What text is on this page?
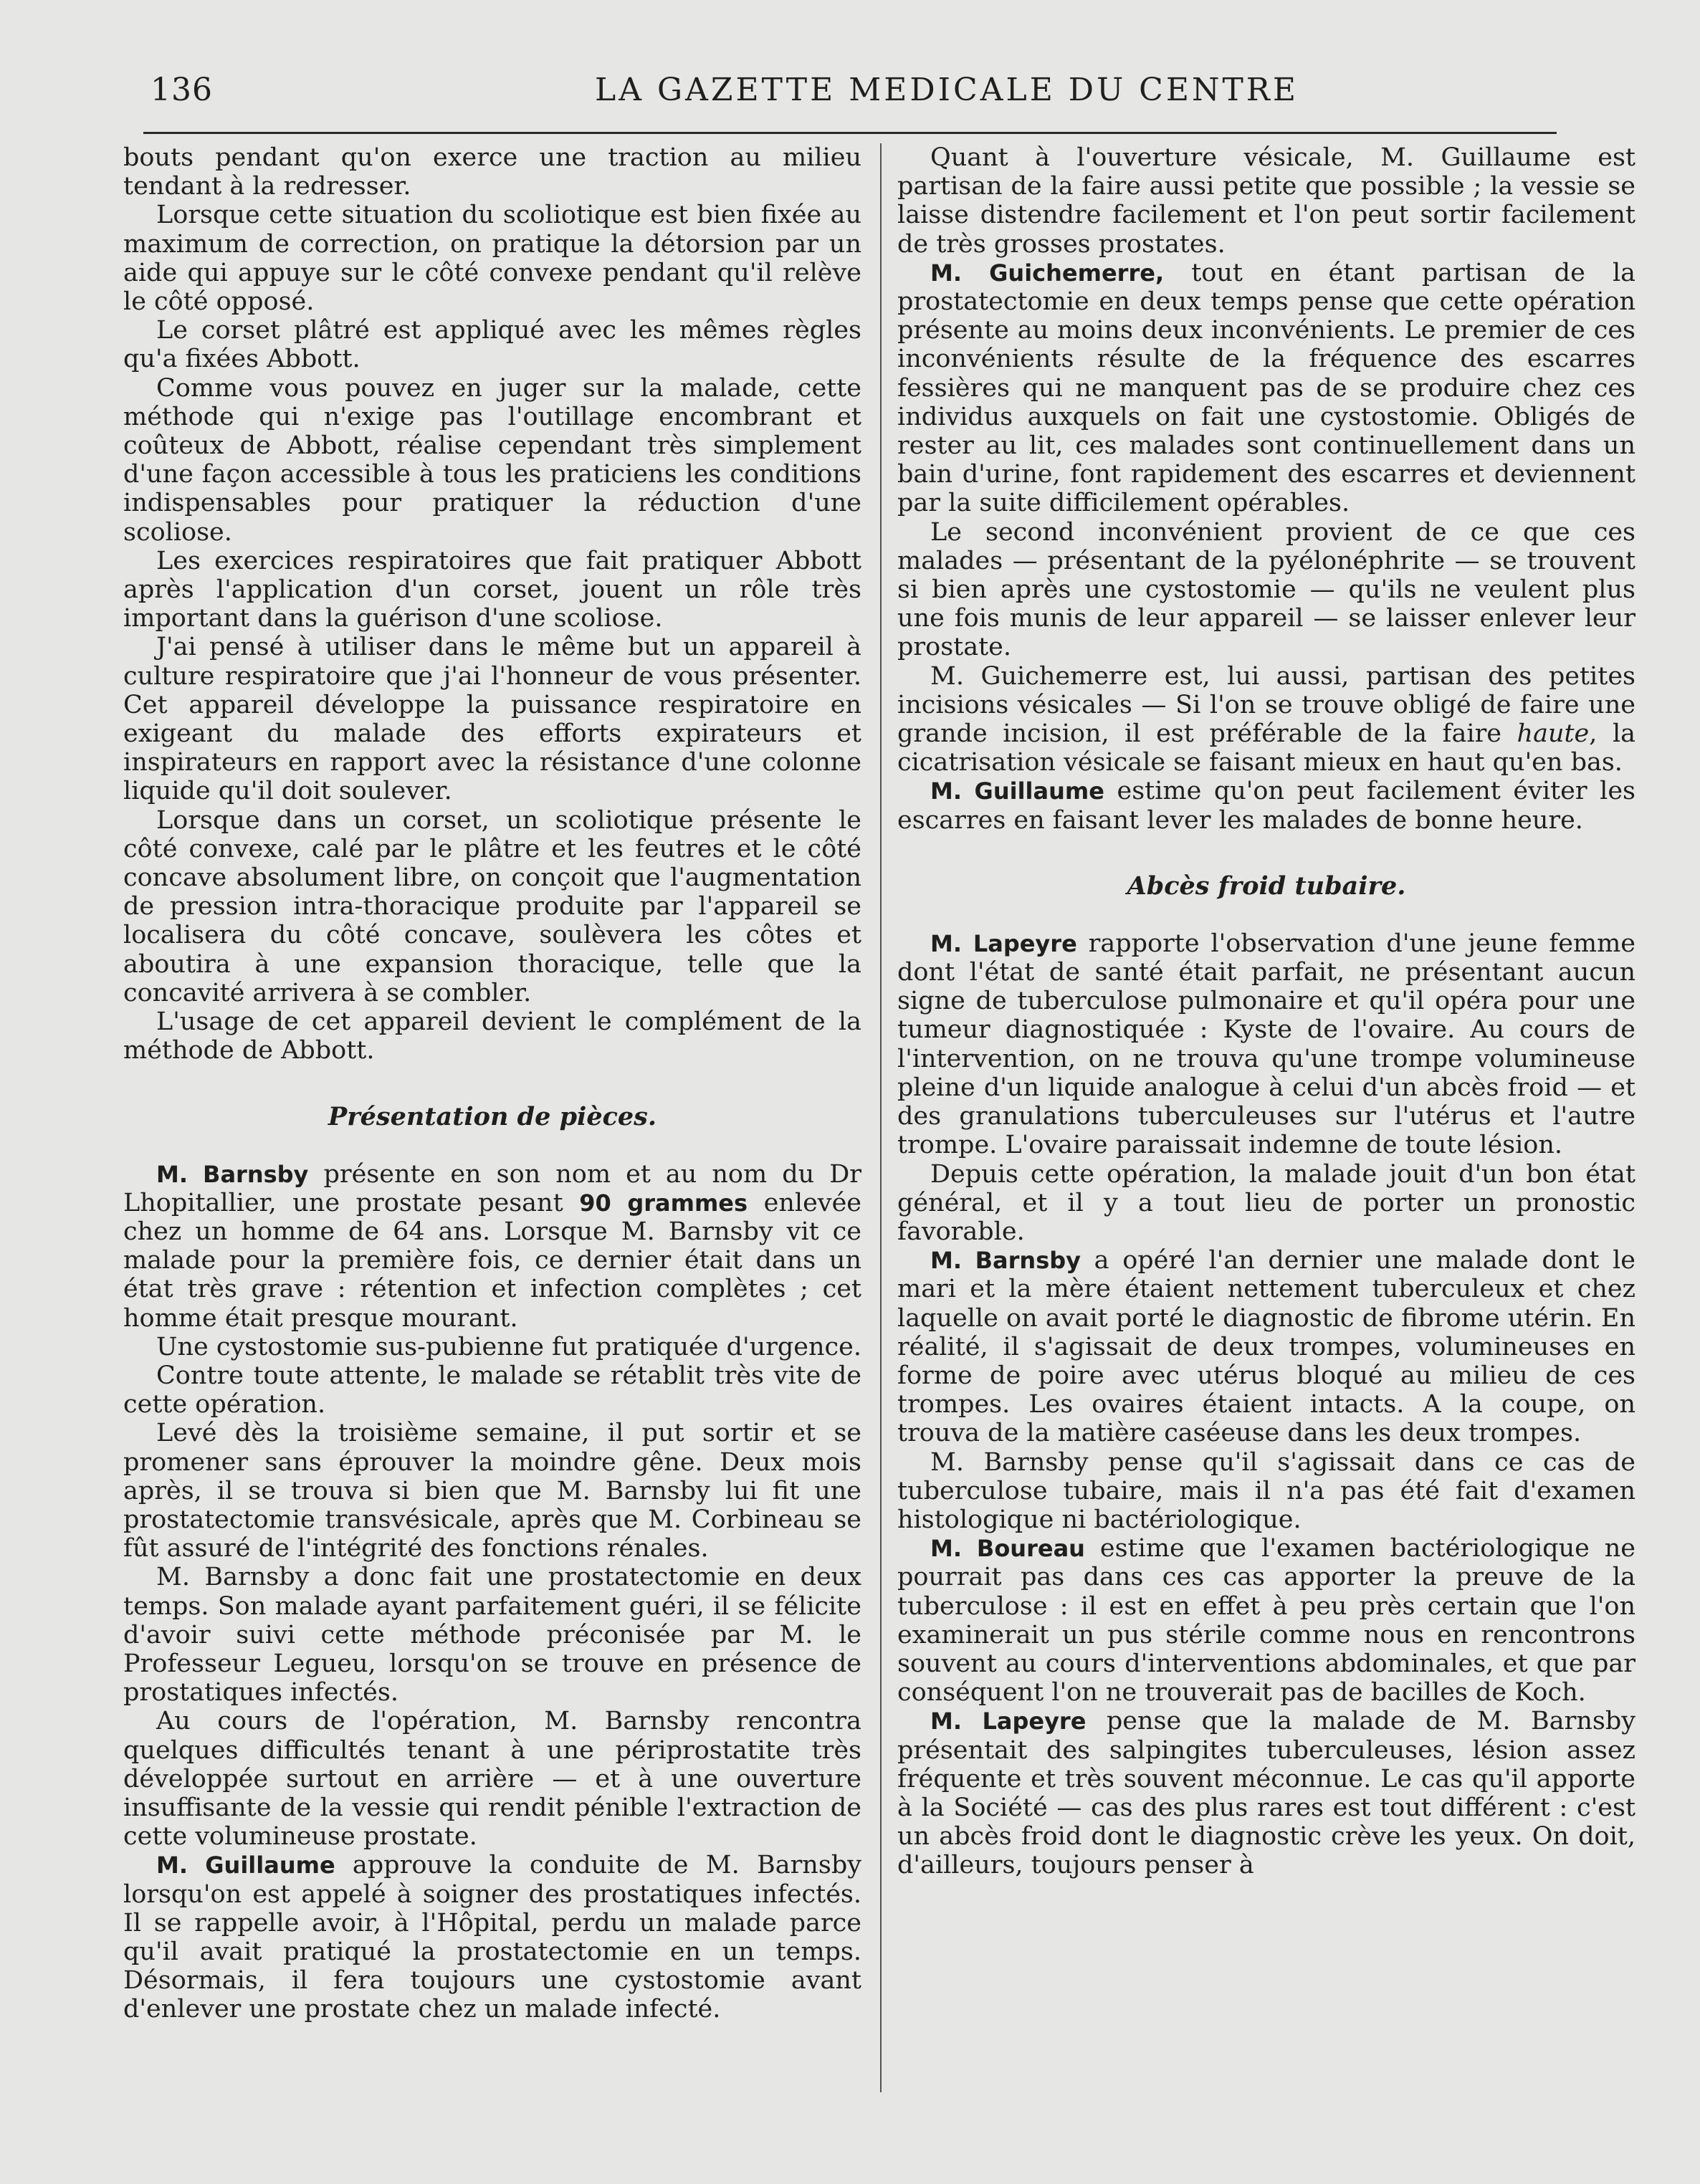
136	LA GAZETTE MEDICALE DU CENTRE

bouts pendant qu'on exerce une traction au milieu tendant à la redresser.

Lorsque cette situation du scoliotique est bien fixée au maximum de correction, on pratique la détorsion par un aide qui appuye sur le côté convexe pendant qu'il relève le côté opposé.

Le corset plâtré est appliqué avec les mêmes règles qu'a fixées Abbott.

Comme vous pouvez en juger sur la malade, cette méthode qui n'exige pas l'outillage encombrant et coûteux de Abbott, réalise cependant très simplement d'une façon accessible à tous les praticiens les conditions indispensables pour pratiquer la réduction d'une scoliose.

Les exercices respiratoires que fait pratiquer Abbott après l'application d'un corset, jouent un rôle très important dans la guérison d'une scoliose.

J'ai pensé à utiliser dans le même but un appareil à culture respiratoire que j'ai l'honneur de vous présenter. Cet appareil développe la puissance respiratoire en exigeant du malade des efforts expirateurs et inspirateurs en rapport avec la résistance d'une colonne liquide qu'il doit soulever.

Lorsque dans un corset, un scoliotique présente le côté convexe, calé par le plâtre et les feutres et le côté concave absolument libre, on conçoit que l'augmentation de pression intra-thoracique produite par l'appareil se localisera du côté concave, soulèvera les côtes et aboutira à une expansion thoracique, telle que la concavité arrivera à se combler.

L'usage de cet appareil devient le complément de la méthode de Abbott.

Présentation de pièces.

M. Barnsby présente en son nom et au nom du Dr Lhopitallier, une prostate pesant 90 grammes enlevée chez un homme de 64 ans. Lorsque M. Barnsby vit ce malade pour la première fois, ce dernier était dans un état très grave : rétention et infection complètes ; cet homme était presque mourant.

Une cystostomie sus-pubienne fut pratiquée d'urgence.

Contre toute attente, le malade se rétablit très vite de cette opération.

Levé dès la troisième semaine, il put sortir et se promener sans éprouver la moindre gêne. Deux mois après, il se trouva si bien que M. Barnsby lui fit une prostatectomie transvésicale, après que M. Corbineau se fût assuré de l'intégrité des fonctions rénales.

M. Barnsby a donc fait une prostatectomie en deux temps. Son malade ayant parfaitement guéri, il se félicite d'avoir suivi cette méthode préconisée par M. le Professeur Legueu, lorsqu'on se trouve en présence de prostatiques infectés.

Au cours de l'opération, M. Barnsby rencontra quelques difficultés tenant à une périprostatite très développée surtout en arrière — et à une ouverture insuffisante de la vessie qui rendit pénible l'extraction de cette volumineuse prostate.

M. Guillaume approuve la conduite de M. Barnsby lorsqu'on est appelé à soigner des prostatiques infectés. Il se rappelle avoir, à l'Hôpital, perdu un malade parce qu'il avait pratiqué la prostatectomie en un temps. Désormais, il fera toujours une cystostomie avant d'enlever une prostate chez un malade infecté.

Quant à l'ouverture vésicale, M. Guillaume est partisan de la faire aussi petite que possible ; la vessie se laisse distendre facilement et l'on peut sortir facilement de très grosses prostates.

M. Guichemerre, tout en étant partisan de la prostatectomie en deux temps pense que cette opération présente au moins deux inconvénients. Le premier de ces inconvénients résulte de la fréquence des escarres fessières qui ne manquent pas de se produire chez ces individus auxquels on fait une cystostomie. Obligés de rester au lit, ces malades sont continuellement dans un bain d'urine, font rapidement des escarres et deviennent par la suite difficilement opérables.

Le second inconvénient provient de ce que ces malades — présentant de la pyélonéphrite — se trouvent si bien après une cystostomie — qu'ils ne veulent plus une fois munis de leur appareil — se laisser enlever leur prostate.

M. Guichemerre est, lui aussi, partisan des petites incisions vésicales — Si l'on se trouve obligé de faire une grande incision, il est préférable de la faire haute, la cicatrisation vésicale se faisant mieux en haut qu'en bas.

M. Guillaume estime qu'on peut facilement éviter les escarres en faisant lever les malades de bonne heure.

Abcès froid tubaire.

M. Lapeyre rapporte l'observation d'une jeune femme dont l'état de santé était parfait, ne présentant aucun signe de tuberculose pulmonaire et qu'il opéra pour une tumeur diagnostiquée : Kyste de l'ovaire. Au cours de l'intervention, on ne trouva qu'une trompe volumineuse pleine d'un liquide analogue à celui d'un abcès froid — et des granulations tuberculeuses sur l'utérus et l'autre trompe. L'ovaire paraissait indemne de toute lésion.

Depuis cette opération, la malade jouit d'un bon état général, et il y a tout lieu de porter un pronostic favorable.

M. Barnsby a opéré l'an dernier une malade dont le mari et la mère étaient nettement tuberculeux et chez laquelle on avait porté le diagnostic de fibrome utérin. En réalité, il s'agissait de deux trompes, volumineuses en forme de poire avec utérus bloqué au milieu de ces trompes. Les ovaires étaient intacts. A la coupe, on trouva de la matière caséeuse dans les deux trompes.

M. Barnsby pense qu'il s'agissait dans ce cas de tuberculose tubaire, mais il n'a pas été fait d'examen histologique ni bactériologique.

M. Boureau estime que l'examen bactériologique ne pourrait pas dans ces cas apporter la preuve de la tuberculose : il est en effet à peu près certain que l'on examinerait un pus stérile comme nous en rencontrons souvent au cours d'interventions abdominales, et que par conséquent l'on ne trouverait pas de bacilles de Koch.

M. Lapeyre pense que la malade de M. Barnsby présentait des salpingites tuberculeuses, lésion assez fréquente et très souvent méconnue. Le cas qu'il apporte à la Société — cas des plus rares est tout différent : c'est un abcès froid dont le diagnostic crève les yeux. On doit, d'ailleurs, toujours penser à
